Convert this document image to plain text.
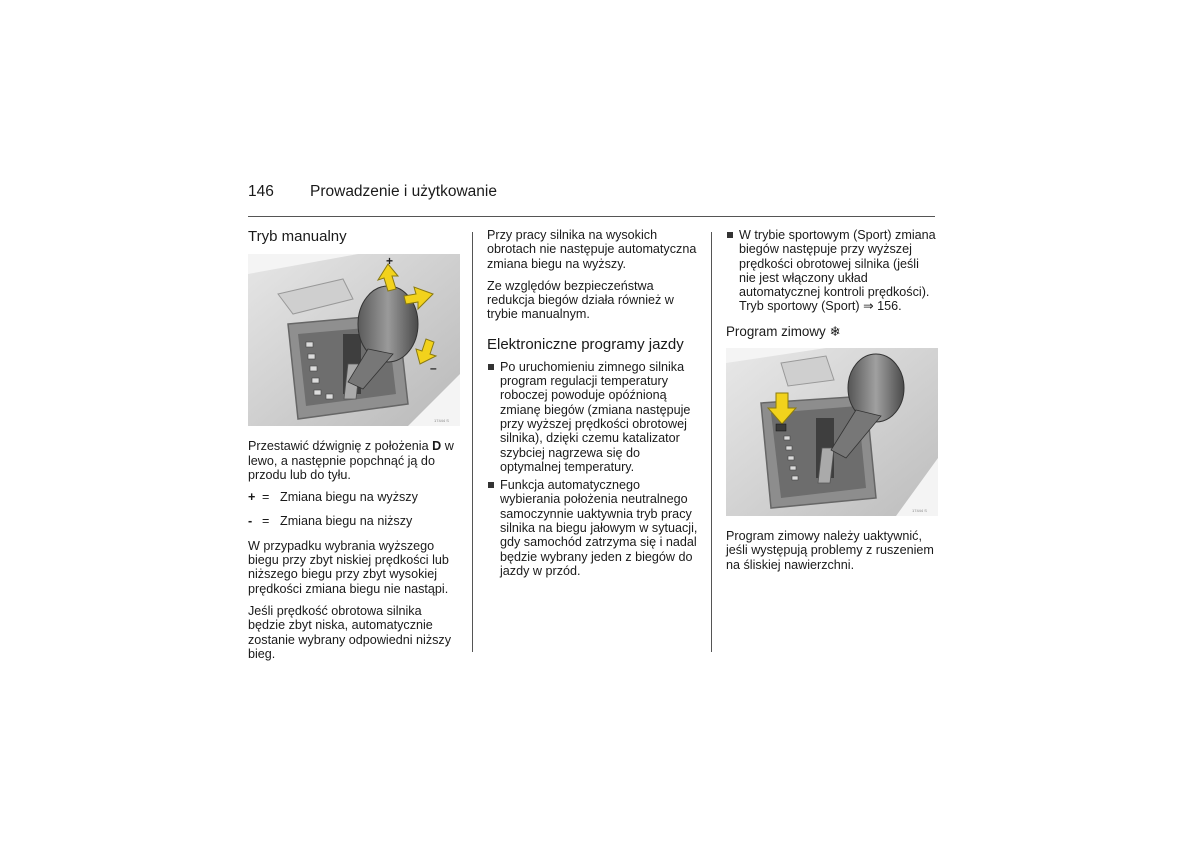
146 Prowadzenie i użytkowanie
Tryb manualny
+
–
17444 S

Przestawić dźwignię z położenia D w lewo, a następnie popchnąć ją do przodu lub do tyłu.

+ = Zmiana biegu na wyższy
- = Zmiana biegu na niższy

W przypadku wybrania wyższego biegu przy zbyt niskiej prędkości lub niższego biegu przy zbyt wysokiej prędkości zmiana biegu nie nastąpi.

Jeśli prędkość obrotowa silnika będzie zbyt niska, automatycznie zostanie wybrany odpowiedni niższy bieg.

Przy pracy silnika na wysokich obrotach nie następuje automatyczna zmiana biegu na wyższy.

Ze względów bezpieczeństwa redukcja biegów działa również w trybie manualnym.

Elektroniczne programy jazdy
Po uruchomieniu zimnego silnika program regulacji temperatury roboczej powoduje opóźnioną zmianę biegów (zmiana następuje przy wyższej prędkości obrotowej silnika), dzięki czemu katalizator szybciej nagrzewa się do optymalnej temperatury.
Funkcja automatycznego wybierania położenia neutralnego samoczynnie uaktywnia tryb pracy silnika na biegu jałowym w sytuacji, gdy samochód zatrzyma się i nadal będzie wybrany jeden z biegów do jazdy w przód.
W trybie sportowym (Sport) zmiana biegów następuje przy wyższej prędkości obrotowej silnika (jeśli nie jest włączony układ automatycznej kontroli prędkości). Tryb sportowy (Sport) ⇒ 156.
Program zimowy ❄
17444 S

Program zimowy należy uaktywnić, jeśli występują problemy z ruszeniem na śliskiej nawierzchni.
